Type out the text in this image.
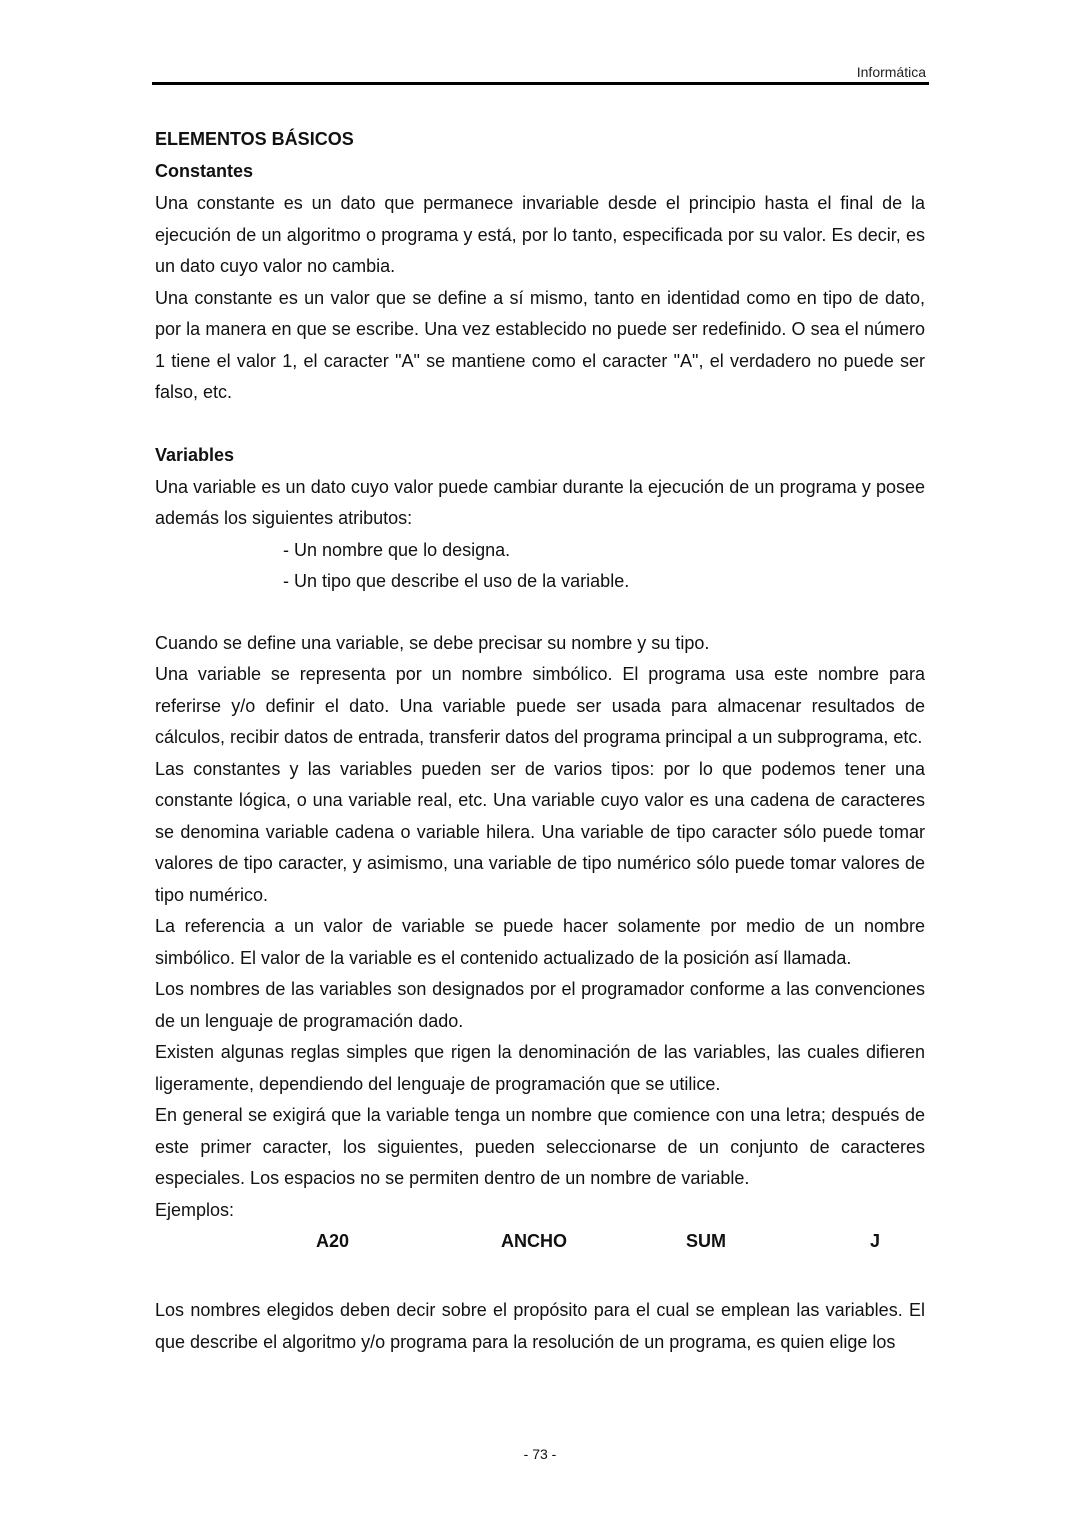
Informática

ELEMENTOS BÁSICOS

Constantes

Una constante es un dato que permanece invariable desde el principio hasta el final de la ejecución de un algoritmo o programa y está, por lo tanto, especificada por su valor. Es decir, es un dato cuyo valor no cambia.

Una constante es un valor que se define a sí mismo, tanto en identidad como en tipo de dato, por la manera en que se escribe. Una vez establecido no puede ser redefinido. O sea el número 1 tiene el valor 1, el caracter "A" se mantiene como el caracter "A", el verdadero no puede ser falso, etc.

Variables

Una variable es un dato cuyo valor puede cambiar durante la ejecución de un programa y posee además los siguientes atributos:

- Un nombre que lo designa.

- Un tipo que describe el uso de la variable.

Cuando se define una variable, se debe precisar su nombre y su tipo.

Una variable se representa por un nombre simbólico. El programa usa este nombre para referirse y/o definir el dato. Una variable puede ser usada para almacenar resultados de cálculos, recibir datos de entrada, transferir datos del programa principal a un subprograma, etc.

Las constantes y las variables pueden ser de varios tipos: por lo que podemos tener una constante lógica, o una variable real, etc. Una variable cuyo valor es una cadena de caracteres se denomina variable cadena o variable hilera. Una variable de tipo caracter sólo puede tomar valores de tipo caracter, y asimismo, una variable de tipo numérico sólo puede tomar valores de tipo numérico.

La referencia a un valor de variable se puede hacer solamente por medio de un nombre simbólico. El valor de la variable es el contenido actualizado de la posición así llamada.

Los nombres de las variables son designados por el programador conforme a las convenciones de un lenguaje de programación dado.

Existen algunas reglas simples que rigen la denominación de las variables, las cuales difieren ligeramente, dependiendo del lenguaje de programación que se utilice.

En general se exigirá que la variable tenga un nombre que comience con una letra; después de este primer caracter, los siguientes, pueden seleccionarse de un conjunto de caracteres especiales. Los espacios no se permiten dentro de un nombre de variable.

Ejemplos:

A20	ANCHO	SUM	J

Los nombres elegidos deben decir sobre el propósito para el cual se emplean las variables. El que describe el algoritmo y/o programa para la resolución de un programa, es quien elige los

- 73 -
